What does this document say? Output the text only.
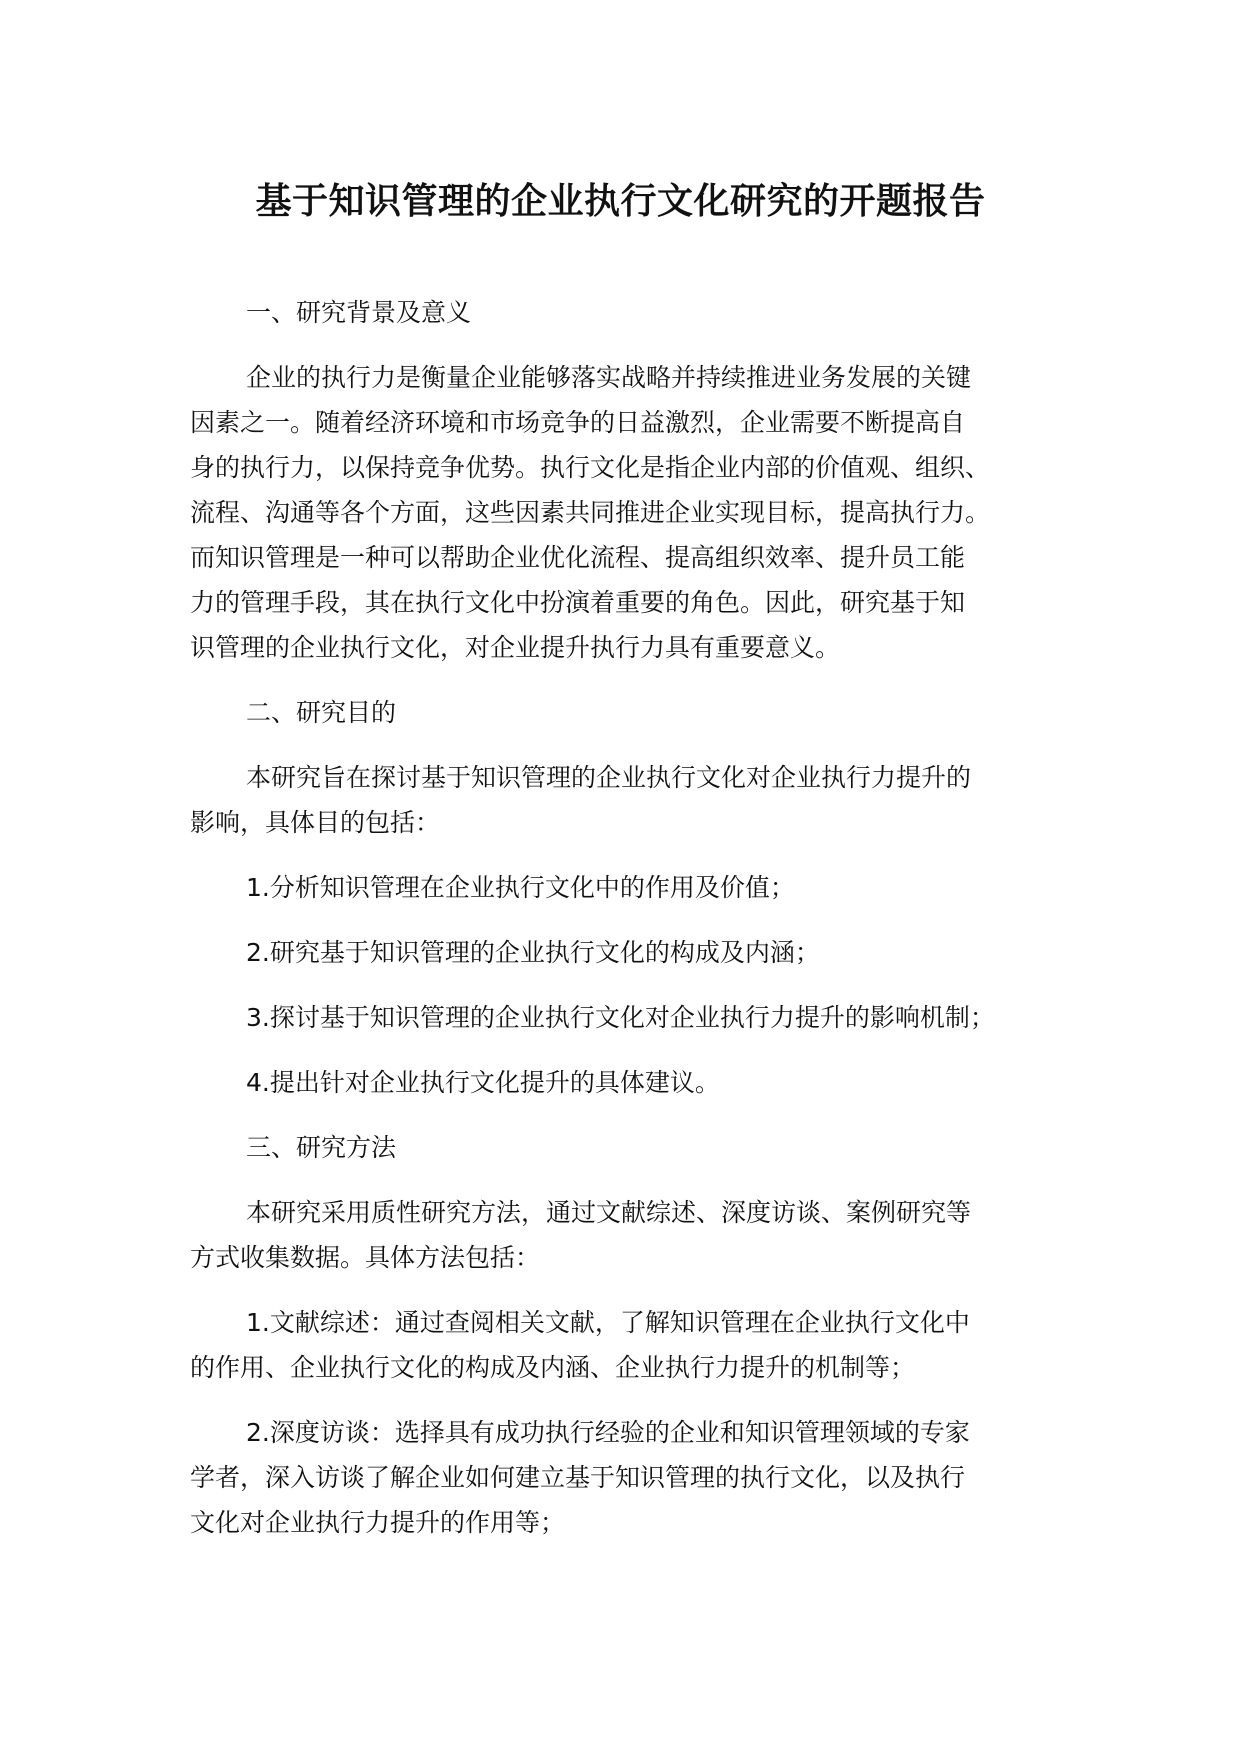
基于知识管理的企业执行文化研究的开题报告

一、研究背景及意义

企业的执行力是衡量企业能够落实战略并持续推进业务发展的关键
因素之一。随着经济环境和市场竞争的日益激烈，企业需要不断提高自
身的执行力，以保持竞争优势。执行文化是指企业内部的价值观、组织、
流程、沟通等各个方面，这些因素共同推进企业实现目标，提高执行力。
而知识管理是一种可以帮助企业优化流程、提高组织效率、提升员工能
力的管理手段，其在执行文化中扮演着重要的角色。因此，研究基于知
识管理的企业执行文化，对企业提升执行力具有重要意义。

二、研究目的

本研究旨在探讨基于知识管理的企业执行文化对企业执行力提升的
影响，具体目的包括：

1.分析知识管理在企业执行文化中的作用及价值；

2.研究基于知识管理的企业执行文化的构成及内涵；

3.探讨基于知识管理的企业执行文化对企业执行力提升的影响机制；

4.提出针对企业执行文化提升的具体建议。

三、研究方法

本研究采用质性研究方法，通过文献综述、深度访谈、案例研究等
方式收集数据。具体方法包括：

1.文献综述：通过查阅相关文献，了解知识管理在企业执行文化中
的作用、企业执行文化的构成及内涵、企业执行力提升的机制等；

2.深度访谈：选择具有成功执行经验的企业和知识管理领域的专家
学者，深入访谈了解企业如何建立基于知识管理的执行文化，以及执行
文化对企业执行力提升的作用等；
